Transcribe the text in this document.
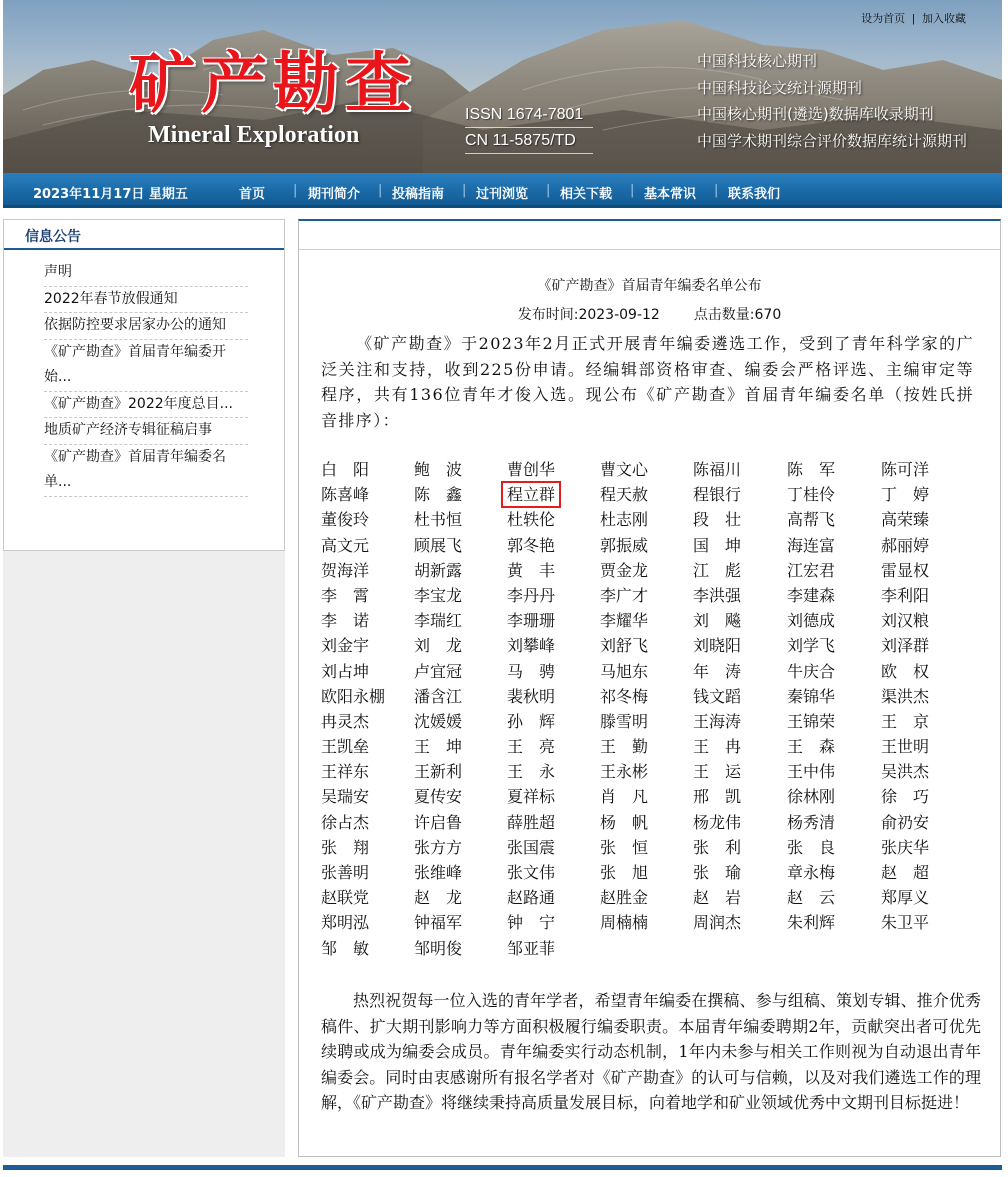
设为首页 | 加入收藏
矿产勘查
Mineral Exploration
ISSN 1674-7801
CN 11-5875/TD
中国科技核心期刊
中国科技论文统计源期刊
中国核心期刊(遴选)数据库收录期刊
中国学术期刊综合评价数据库统计源期刊
2023年11月17日 星期五	首页 | 期刊简介 | 投稿指南 | 过刊浏览 | 相关下载 | 基本常识 | 联系我们
信息公告
声明
2022年春节放假通知
依据防控要求居家办公的通知
《矿产勘查》首届青年编委开始...
《矿产勘查》2022年度总目...
地质矿产经济专辑征稿启事
《矿产勘查》首届青年编委名单...
《矿产勘查》首届青年编委名单公布
发布时间:2023-09-12 点击数量:670
《矿产勘查》于2023年2月正式开展青年编委遴选工作，受到了青年科学家的广泛关注和支持，收到225份申请。经编辑部资格审查、编委会严格评选、主编审定等程序，共有136位青年才俊入选。现公布《矿产勘查》首届青年编委名单（按姓氏拼音排序）：
白　阳	鲍　波	曹创华	曹文心	陈福川	陈　军	陈可洋
陈喜峰	陈　鑫	程立群	程天赦	程银行	丁桂伶	丁　婷
董俊玲	杜书恒	杜轶伦	杜志刚	段　壮	高帮飞	高荣臻
高文元	顾展飞	郭冬艳	郭振威	国　坤	海连富	郝丽婷
贺海洋	胡新露	黄　丰	贾金龙	江　彪	江宏君	雷显权
李　霄	李宝龙	李丹丹	李广才	李洪强	李建森	李利阳
李　诺	李瑞红	李珊珊	李耀华	刘　飚	刘德成	刘汉粮
刘金宇	刘　龙	刘攀峰	刘舒飞	刘晓阳	刘学飞	刘泽群
刘占坤	卢宜冠	马　骋	马旭东	年　涛	牛庆合	欧　权
欧阳永棚 潘含江	裴秋明	祁冬梅	钱文蹈	秦锦华	渠洪杰
冉灵杰	沈媛媛	孙　辉	滕雪明	王海涛	王锦荣	王　京
王凯垒	王　坤	王　亮	王　勤	王　冉	王　森	王世明
王祥东	王新利	王　永	王永彬	王　运	王中伟	吴洪杰
吴瑞安	夏传安	夏祥标	肖　凡	邢　凯	徐林刚	徐　巧
徐占杰	许启鲁	薛胜超	杨　帆	杨龙伟	杨秀清	俞礽安
张　翔	张方方	张国震	张　恒	张　利	张　良	张庆华
张善明	张维峰	张文伟	张　旭	张　瑜	章永梅	赵　超
赵联党	赵　龙	赵路通	赵胜金	赵　岩	赵　云	郑厚义
郑明泓	钟福军	钟　宁	周楠楠	周润杰	朱利辉	朱卫平
邹　敏	邹明俊	邹亚菲
热烈祝贺每一位入选的青年学者，希望青年编委在撰稿、参与组稿、策划专辑、推介优秀稿件、扩大期刊影响力等方面积极履行编委职责。本届青年编委聘期2年，贡献突出者可优先续聘或成为编委会成员。青年编委实行动态机制，1年内未参与相关工作则视为自动退出青年编委会。同时由衷感谢所有报名学者对《矿产勘查》的认可与信赖，以及对我们遴选工作的理解，《矿产勘查》将继续秉持高质量发展目标，向着地学和矿业领域优秀中文期刊目标挺进！
